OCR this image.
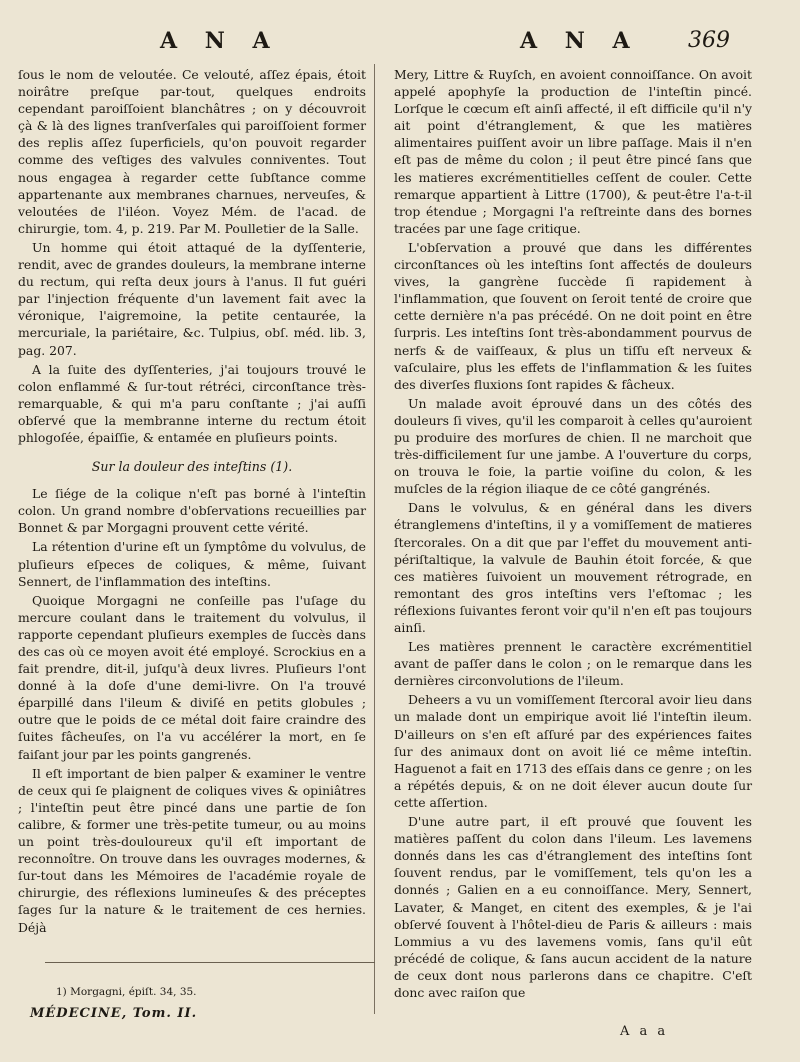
A N A	A N A 369

ſous le nom de veloutée. Ce velouté, aſſez épais, étoit noirâtre preſque par-tout, quelques endroits cependant paroiſſoient blanchâtres ; on y découvroit çà & là des lignes tranſverſales qui paroiſſoient former des replis aſſez ſuperficiels, qu'on pouvoit regarder comme des veſtiges des valvules conniventes. Tout nous engagea à regarder cette ſubſtance comme appartenante aux membranes charnues, nerveuſes, & veloutées de l'iléon. Voyez Mém. de l'acad. de chirurgie, tom. 4, p. 219. Par M. Poulletier de la Salle.

Un homme qui étoit attaqué de la dyſſenterie, rendit, avec de grandes douleurs, la membrane interne du rectum, qui reſta deux jours à l'anus. Il fut guéri par l'injection fréquente d'un lavement fait avec la véronique, l'aigremoine, la petite centaurée, la mercuriale, la pariétaire, &c. Tulpius, obſ. méd. lib. 3, pag. 207.

A la ſuite des dyſſenteries, j'ai toujours trouvé le colon enflammé & ſur-tout rétréci, circonſtance très-remarquable, & qui m'a paru conſtante ; j'ai auſſi obſervé que la membranne interne du rectum étoit phlogoſée, épaiſſie, & entamée en pluſieurs points.

Sur la douleur des inteſtins (1).

Le ſiége de la colique n'eſt pas borné à l'inteſtin colon. Un grand nombre d'obſervations recueillies par Bonnet & par Morgagni prouvent cette vérité.

La rétention d'urine eſt un ſymptôme du volvulus, de pluſieurs eſpeces de coliques, & même, ſuivant Sennert, de l'inflammation des inteſtins.

Quoique Morgagni ne conſeille pas l'uſage du mercure coulant dans le traitement du volvulus, il rapporte cependant pluſieurs exemples de ſuccès dans des cas où ce moyen avoit été employé. Scrockius en a fait prendre, dit-il, juſqu'à deux livres. Pluſieurs l'ont donné à la doſe d'une demi-livre. On l'a trouvé éparpillé dans l'ileum & diviſé en petits globules ; outre que le poids de ce métal doit faire craindre des ſuites fâcheuſes, on l'a vu accélérer la mort, en ſe faiſant jour par les points gangrenés.

Il eſt important de bien palper & examiner le ventre de ceux qui ſe plaignent de coliques vives & opiniâtres ; l'inteſtin peut être pincé dans une partie de ſon calibre, & former une très-petite tumeur, ou au moins un point très-douloureux qu'il eſt important de reconnoître. On trouve dans les ouvrages modernes, & ſur-tout dans les Mémoires de l'académie royale de chirurgie, des réflexions lumineuſes & des préceptes ſages ſur la nature & le traitement de ces hernies. Déjà

Mery, Littre & Ruyſch, en avoient connoiſſance. On avoit appelé apophyſe la production de l'inteſtin pincé. Lorſque le cœcum eſt ainſi affecté, il eſt difficile qu'il n'y ait point d'étranglement, & que les matières alimentaires puiſſent avoir un libre paſſage. Mais il n'en eſt pas de même du colon ; il peut être pincé ſans que les matieres excrémentitielles ceſſent de couler. Cette remarque appartient à Littre (1700), & peut-être l'a-t-il trop étendue ; Morgagni l'a reſtreinte dans des bornes tracées par une ſage critique.

L'obſervation a prouvé que dans les différentes circonſtances où les inteſtins ſont affectés de douleurs vives, la gangrène ſuccède ſi rapidement à l'inflammation, que ſouvent on ſeroit tenté de croire que cette dernière n'a pas précédé. On ne doit point en être ſurpris. Les inteſtins ſont très-abondamment pourvus de nerfs & de vaiſſeaux, & plus un tiſſu eſt nerveux & vaſculaire, plus les effets de l'inflammation & les ſuites des diverſes fluxions ſont rapides & fâcheux.

Un malade avoit éprouvé dans un des côtés des douleurs ſi vives, qu'il les comparoit à celles qu'auroient pu produire des morſures de chien. Il ne marchoit que très-difficilement ſur une jambe. A l'ouverture du corps, on trouva le foie, la partie voiſine du colon, & les muſcles de la région iliaque de ce côté gangrénés.

Dans le volvulus, & en général dans les divers étranglemens d'inteſtins, il y a vomiſſement de matieres ſtercorales. On a dit que par l'effet du mouvement anti-périſtaltique, la valvule de Bauhin étoit forcée, & que ces matières ſuivoient un mouvement rétrograde, en remontant des gros inteſtins vers l'eſtomac ; les réflexions ſuivantes feront voir qu'il n'en eſt pas toujours ainſi.

Les matières prennent le caractère excrémentitiel avant de paſſer dans le colon ; on le remarque dans les dernières circonvolutions de l'ileum.

Deheers a vu un vomiſſement ſtercoral avoir lieu dans un malade dont un empirique avoit lié l'inteſtin ileum. D'ailleurs on s'en eſt aſſuré par des expériences faites ſur des animaux dont on avoit lié ce même inteſtin. Haguenot a fait en 1713 des eſſais dans ce genre ; on les a répétés depuis, & on ne doit élever aucun doute ſur cette aſſertion.

D'une autre part, il eſt prouvé que ſouvent les matières paſſent du colon dans l'ileum. Les lavemens donnés dans les cas d'étranglement des inteſtins ſont ſouvent rendus, par le vomiſſement, tels qu'on les a donnés ; Galien en a eu connoiſſance. Mery, Sennert, Lavater, & Manget, en citent des exemples, & je l'ai obſervé ſouvent à l'hôtel-dieu de Paris & ailleurs : mais Lommius a vu des lavemens vomis, ſans qu'il eût précédé de colique, & ſans aucun accident de la nature de ceux dont nous parlerons dans ce chapitre. C'eſt donc avec raiſon que

1) Morgagni, épiſt. 34, 35.
MÉDECINE, Tom. II.
A a a
